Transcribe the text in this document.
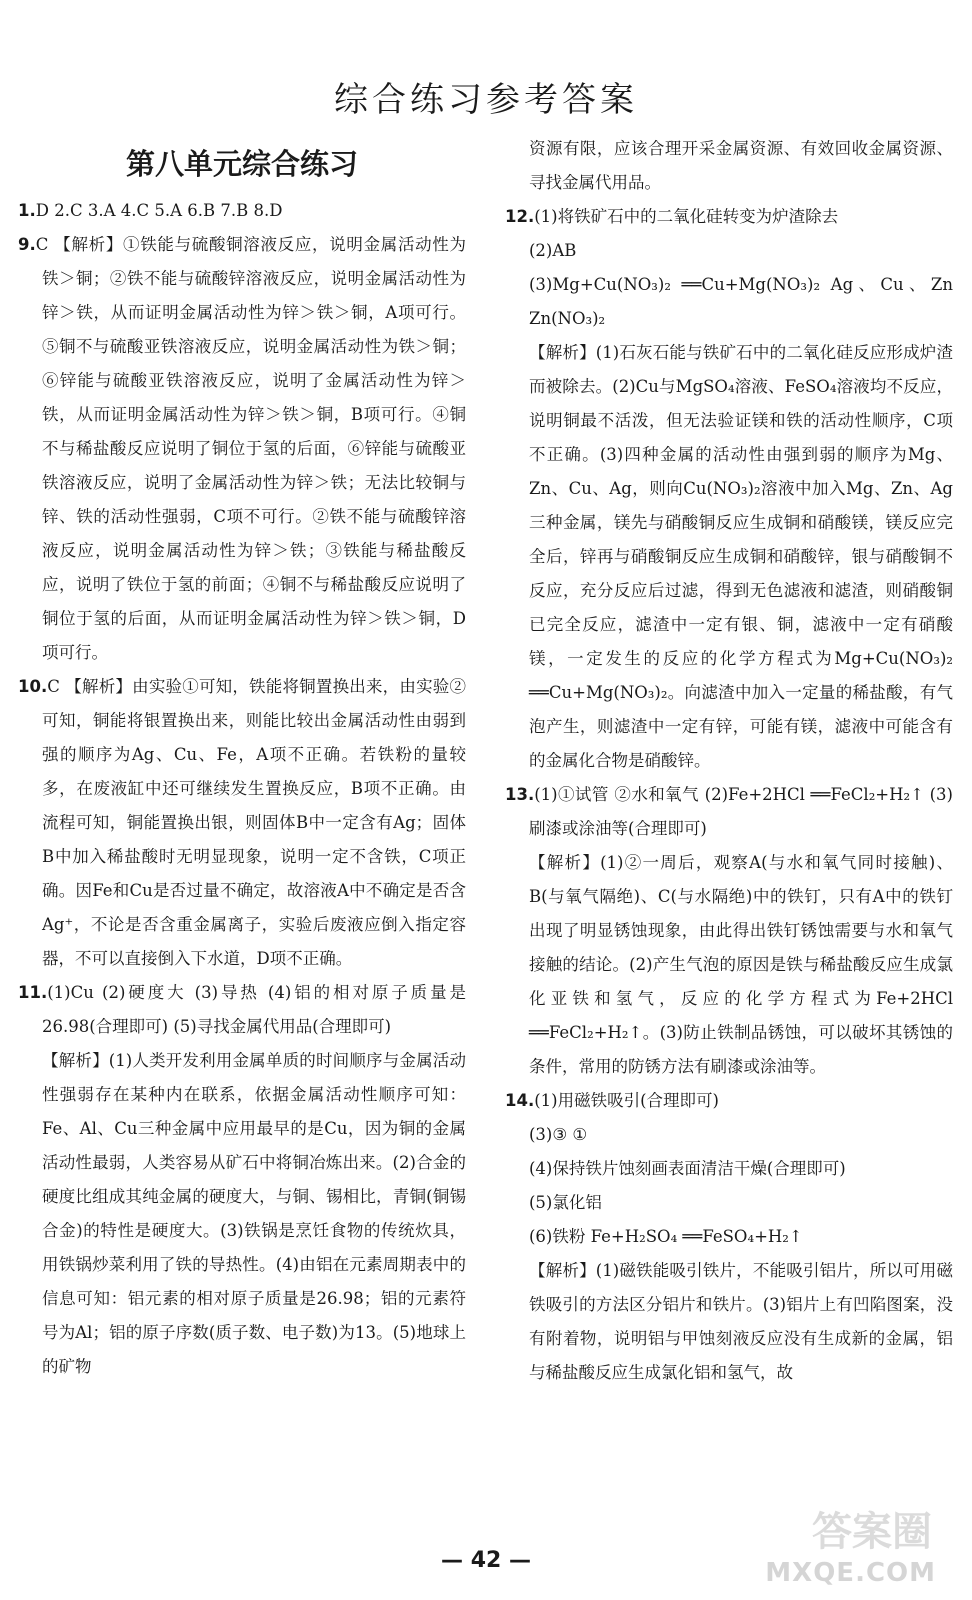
综合练习参考答案
第八单元综合练习

1.D 2.C 3.A 4.C 5.A 6.B 7.B 8.D

9.C 【解析】①铁能与硫酸铜溶液反应，说明金属活动性为铁＞铜；②铁不能与硫酸锌溶液反应，说明金属活动性为锌＞铁，从而证明金属活动性为锌＞铁＞铜，A项可行。⑤铜不与硫酸亚铁溶液反应，说明金属活动性为铁＞铜；⑥锌能与硫酸亚铁溶液反应，说明了金属活动性为锌＞铁，从而证明金属活动性为锌＞铁＞铜，B项可行。④铜不与稀盐酸反应说明了铜位于氢的后面，⑥锌能与硫酸亚铁溶液反应，说明了金属活动性为锌＞铁；无法比较铜与锌、铁的活动性强弱，C项不可行。②铁不能与硫酸锌溶液反应，说明金属活动性为锌＞铁；③铁能与稀盐酸反应，说明了铁位于氢的前面；④铜不与稀盐酸反应说明了铜位于氢的后面，从而证明金属活动性为锌＞铁＞铜，D项可行。

10.C 【解析】由实验①可知，铁能将铜置换出来，由实验②可知，铜能将银置换出来，则能比较出金属活动性由弱到强的顺序为Ag、Cu、Fe，A项不正确。若铁粉的量较多，在废液缸中还可继续发生置换反应，B项不正确。由流程可知，铜能置换出银，则固体B中一定含有Ag；固体B中加入稀盐酸时无明显现象，说明一定不含铁，C项正确。因Fe和Cu是否过量不确定，故溶液A中不确定是否含Ag⁺，不论是否含重金属离子，实验后废液应倒入指定容器，不可以直接倒入下水道，D项不正确。

11.(1)Cu (2)硬度大 (3)导热 (4)铝的相对原子质量是26.98(合理即可) (5)寻找金属代用品(合理即可)

【解析】(1)人类开发利用金属单质的时间顺序与金属活动性强弱存在某种内在联系，依据金属活动性顺序可知：Fe、Al、Cu三种金属中应用最早的是Cu，因为铜的金属活动性最弱，人类容易从矿石中将铜冶炼出来。(2)合金的硬度比组成其纯金属的硬度大，与铜、锡相比，青铜(铜锡合金)的特性是硬度大。(3)铁锅是烹饪食物的传统炊具，用铁锅炒菜利用了铁的导热性。(4)由铝在元素周期表中的信息可知：铝元素的相对原子质量是26.98；铝的元素符号为Al；铝的原子序数(质子数、电子数)为13。(5)地球上的矿物

资源有限，应该合理开采金属资源、有效回收金属资源、寻找金属代用品。

12.(1)将铁矿石中的二氧化硅转变为炉渣除去

(2)AB

(3)Mg+Cu(NO₃)₂ ══Cu+Mg(NO₃)₂ Ag、Cu、Zn Zn(NO₃)₂

【解析】(1)石灰石能与铁矿石中的二氧化硅反应形成炉渣而被除去。(2)Cu与MgSO₄溶液、FeSO₄溶液均不反应，说明铜最不活泼，但无法验证镁和铁的活动性顺序，C项不正确。(3)四种金属的活动性由强到弱的顺序为Mg、Zn、Cu、Ag，则向Cu(NO₃)₂溶液中加入Mg、Zn、Ag三种金属，镁先与硝酸铜反应生成铜和硝酸镁，镁反应完全后，锌再与硝酸铜反应生成铜和硝酸锌，银与硝酸铜不反应，充分反应后过滤，得到无色滤液和滤渣，则硝酸铜已完全反应，滤渣中一定有银、铜，滤液中一定有硝酸镁，一定发生的反应的化学方程式为Mg+Cu(NO₃)₂ ══Cu+Mg(NO₃)₂。向滤渣中加入一定量的稀盐酸，有气泡产生，则滤渣中一定有锌，可能有镁，滤液中可能含有的金属化合物是硝酸锌。

13.(1)①试管 ②水和氧气 (2)Fe+2HCl ══FeCl₂+H₂↑ (3)刷漆或涂油等(合理即可)

【解析】(1)②一周后，观察A(与水和氧气同时接触)、B(与氧气隔绝)、C(与水隔绝)中的铁钉，只有A中的铁钉出现了明显锈蚀现象，由此得出铁钉锈蚀需要与水和氧气接触的结论。(2)产生气泡的原因是铁与稀盐酸反应生成氯化亚铁和氢气，反应的化学方程式为Fe+2HCl ══FeCl₂+H₂↑。(3)防止铁制品锈蚀，可以破坏其锈蚀的条件，常用的防锈方法有刷漆或涂油等。

14.(1)用磁铁吸引(合理即可)

(3)③ ①

(4)保持铁片蚀刻画表面清洁干燥(合理即可)

(5)氯化铝

(6)铁粉 Fe+H₂SO₄ ══FeSO₄+H₂↑

【解析】(1)磁铁能吸引铁片，不能吸引铝片，所以可用磁铁吸引的方法区分铝片和铁片。(3)铝片上有凹陷图案，没有附着物，说明铝与甲蚀刻液反应没有生成新的金属，铝与稀盐酸反应生成氯化铝和氢气，故

— 42 —
答案圈
MXQE.COM
